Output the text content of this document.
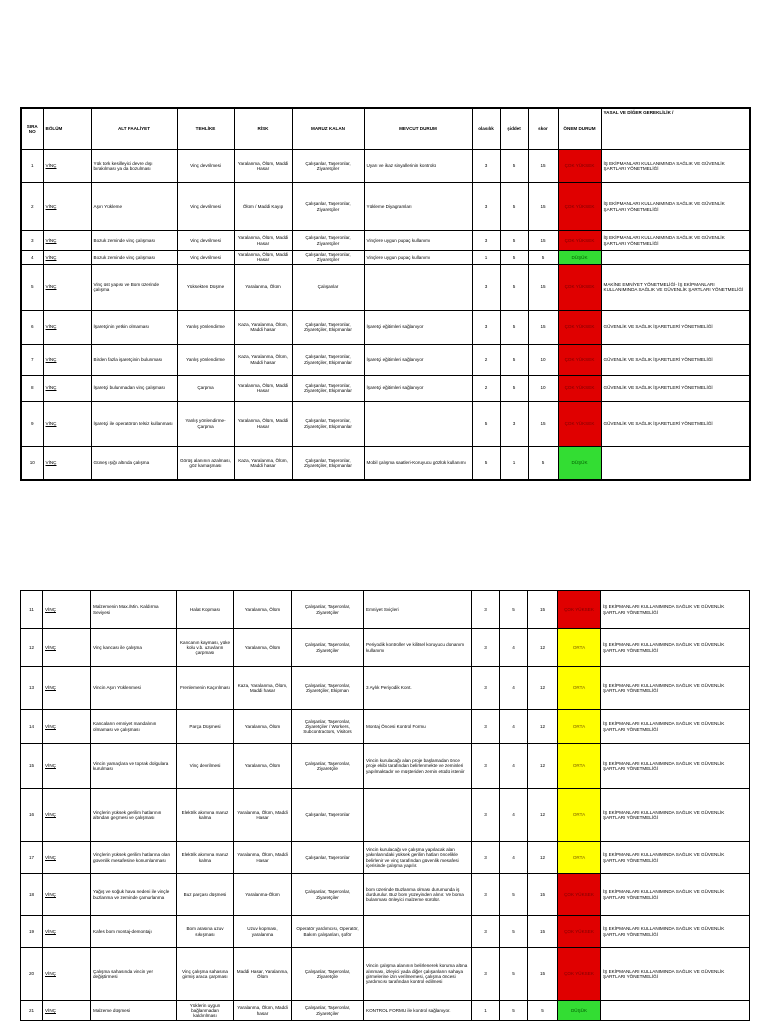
SIRA NO	BÖLÜM	ALT FAALİYET	TEHLİKE	RİSK	MARUZ KALAN	MEVCUT DURUM	olasılık	şiddet	skor	ÖNEM DURUM	YASAL VE DİĞER GEREKLİLİK /
1	VİNÇ	Yük tork kesilleyici devre dışı bırakılması ya da bozulması	Vinç devrilmesi	Yaralanma, Ölüm, Maddi Hasar	Çalışanlar, Taşeronlar, Ziyaretçiler	Uyarı ve ikaz sinyallerinin kontrolü	3	5	15	ÇOK YÜKSEK	İŞ EKİPMANLARI KULLANIMINDA SAĞLIK VE GÜVENLİK ŞARTLARI YÖNETMELİĞİ
2	VİNÇ	Aşırı Yükleme	Vinç devrilmesi	Ölüm / Maddi Kayıp	Çalışanlar, Taşeronlar, Ziyaretçiler	Yükleme Diyagramları	3	5	15	ÇOK YÜKSEK	İŞ EKİPMANLARI KULLANIMINDA SAĞLIK VE GÜVENLİK ŞARTLARI YÖNETMELİĞİ
3	VİNÇ	Bozuk zeminde vinç çalışması	Vinç devrilmesi	Yaralanma, Ölüm, Maddi Hasar	Çalışanlar, Taşeronlar, Ziyaretçiler	Vinçlere uygun pupaç kullanımı	3	5	15	ÇOK YÜKSEK	İŞ EKİPMANLARI KULLANIMINDA SAĞLIK VE GÜVENLİK ŞARTLARI YÖNETMELİĞİ
4	VİNÇ	Bozuk zeminde vinç çalışması	Vinç devrilmesi	Yaralanma, Ölüm, Maddi Hasar	Çalışanlar, Taşeronlar, Ziyaretçiler	Vinçlere uygun pupaç kullanımı	1	5	5	DÜŞÜK	
5	VİNÇ	Vinç üst yapısı ve Bom üzerinde çalışma	Yüksekten Düşme	Yaralanma, Ölüm	Çalışanlar		3	5	15	ÇOK YÜKSEK	MAKİNE EMNİYET YÖNETMELİĞİ- İŞ EKİPMANLARI KULLANIMINDA SAĞLIK VE GÜVENLİK ŞARTLARI YÖNETMELİĞİ
6	VİNÇ	İşaretçinin yetkin olmaması	Yanlış yönlendirme	Kaza, Yaralanma, Ölüm, Maddi hasar	Çalışanlar, Taşeronlar, Ziyaretçiler, Ekipmanlar	İşaretçi eğitimleri sağlanıyor	3	5	15	ÇOK YÜKSEK	GÜVENLİK VE SAĞLIK İŞARETLERİ YÖNETMELİĞİ
7	VİNÇ	Birden fazla işaretçinin bulunması	Yanlış yönlendirme	Kaza, Yaralanma, Ölüm, Maddi hasar	Çalışanlar, Taşeronlar, Ziyaretçiler, Ekipmanlar	İşaretçi eğitimleri sağlanıyor	2	5	10	ÇOK YÜKSEK	GÜVENLİK VE SAĞLIK İŞARETLERİ YÖNETMELİĞİ
8	VİNÇ	İşaretçi bulunmadan vinç çalışması	Çarpma	Yaralanma, Ölüm, Maddi Hasar	Çalışanlar, Taşeronlar, Ziyaretçiler, Ekipmanlar	İşaretçi eğitimleri sağlanıyor	2	5	10	ÇOK YÜKSEK	GÜVENLİK VE SAĞLIK İŞARETLERİ YÖNETMELİĞİ
9	VİNÇ	İşaretçi ile operatörün telsiz kullanması	Yanlış yönlendirme- Çarpma	Yaralanma, Ölüm, Maddi Hasar	Çalışanlar, Taşeronlar, Ziyaretçiler, Ekipmanlar		5	3	15	ÇOK YÜKSEK	GÜVENLİK VE SAĞLIK İŞARETLERİ YÖNETMELİĞİ
10	VİNÇ	Güneş ışığı altında çalışma	Görüş alanının azalması, göz kamaşması	Kaza, Yaralanma, Ölüm, Maddi hasar	Çalışanlar, Taşeronlar, Ziyaretçiler, Ekipmanlar	Mobil çalışma saatleri-Koruyucu gözlük kullanımı	5	1	5	DÜŞÜK	
11	VİNÇ	Malzemenin Max./Min. Kaldırma Seviyesi	Halat Kopması	Yaralanma, Ölüm	Çalışanlar, Taşeronlar, Ziyaretçiler	Emniyet Sviçleri	3	5	15	ÇOK YÜKSEK	İŞ EKİPMANLARI KULLANIMINDA SAĞLIK VE GÜVENLİK ŞARTLARI YÖNETMELİĞİ
12	VİNÇ	Vinç kancası ile çalışma	Kancanın kayması, yüke kolu v.b. uzuvların çarpması	Yaralanma, Ölüm	Çalışanlar, Taşeronlar, Ziyaretçiler	Periyodik kontroller ve kilitsel koruyucu donanım kullanımı	3	4	12	ORTA	İŞ EKİPMANLARI KULLANIMINDA SAĞLIK VE GÜVENLİK ŞARTLARI YÖNETMELİĞİ
13	VİNÇ	Vincin Aşırı Yüklenmesi	Frenlemenin Kaçırılması	Kaza, Yaralanma, Ölüm, Maddi hasar	Çalışanlar, Taşeronlar, Ziyaretçiler, Ekipman	3 Aylık Periyodik Kont.	3	4	12	ORTA	İŞ EKİPMANLARI KULLANIMINDA SAĞLIK VE GÜVENLİK ŞARTLARI YÖNETMELİĞİ
14	VİNÇ	Kancaların emniyet mandalının olmaması ve çalışması	Parça Düşmesi	Yaralanma, Ölüm	Çalışanlar, Taşeronlar, Ziyaretçiler / Workers, Subcontractors, Visitors	Montaj Öncesi Kontrol Formu	3	4	12	ORTA	İŞ EKİPMANLARI KULLANIMINDA SAĞLIK VE GÜVENLİK ŞARTLARI YÖNETMELİĞİ
15	VİNÇ	Vincin yamaçlara ve toprak dolgulara kurulması	Vinç devrilmesi	Yaralanma, Ölüm	Çalışanlar, Taşeronlar, Ziyaretçile	Vincin kurulacağı alan proje başlamadan önce proje ekibi tarafından belirlenmekte ve zeminleri yapılmaktadır ve müşteriden zemin etüdü isteniir	3	4	12	ORTA	İŞ EKİPMANLARI KULLANIMINDA SAĞLIK VE GÜVENLİK ŞARTLARI YÖNETMELİĞİ
16	VİNÇ	Vinçlerin yüksek gerilim hatlarının altından geçmesi ve çalışması	Elektrik akımına maruz kalma	Yaralanma, Ölüm, Maddi Hasar	Çalışanlar, Taşeronlar		3	4	12	ORTA	İŞ EKİPMANLARI KULLANIMINDA SAĞLIK VE GÜVENLİK ŞARTLARI YÖNETMELİĞİ
17	VİNÇ	Vinçlerin yüksek gerilim hatlarına olan güvenlik mesafesine konumlanması	Elektrik akımına maruz kalma	Yaralanma, Ölüm, Maddi Hasar	Çalışanlar, Taşeronlar	Vincin kurulacağı ve çalışma yapılacak alan yakınlarındaki yüksek gerilim hatları öncelikle belirlenir ve vinç tarafından güvenlik mesafesi içerisinde çalışma yapılır.	3	4	12	ORTA	İŞ EKİPMANLARI KULLANIMINDA SAĞLIK VE GÜVENLİK ŞARTLARI YÖNETMELİĞİ
18	VİNÇ	Yağış ve soğuk hava nedeni ile vinçle buzlanma ve zeminde çamurlanma	Buz parçası düşmesi	Yaralanma-Ölüm	Çalışanlar, Taşeronlar, Ziyaretçiler	bom üzerinde Buzlanma olması durumunda iş durdurulur. Buz bom yüzeyinden alınır. Ve boma bulanması önleyici malzeme sürülür.	3	5	15	ÇOK YÜKSEK	İŞ EKİPMANLARI KULLANIMINDA SAĞLIK VE GÜVENLİK ŞARTLARI YÖNETMELİĞİ
19	VİNÇ	Kafes bom montaj-demontajı	Bom arasına uzuv sıkışması	Uzuv kopması, yaralanma	Operatör yardımcısı, Operatör, Bakım çalışanları, şoför		3	5	15	ÇOK YÜKSEK	İŞ EKİPMANLARI KULLANIMINDA SAĞLIK VE GÜVENLİK ŞARTLARI YÖNETMELİĞİ
20	VİNÇ	Çalışma sahasında vincin yer değiştirmesi	Vinç çalışma sahasına girmiş araca çarpması	Maddi Hasar, Yaralanma, Ölüm	Çalışanlar, Taşeronlar, Ziyaretçile	Vincin çalışma alanının belirlenerek koruma altına alınması, izleyici yada diğer çalışanların sahaya girmelerine izin verilmemesi, çalışma öncesi yardımcısı tarafından kontrol edilmesi	3	5	15	ÇOK YÜKSEK	İŞ EKİPMANLARI KULLANIMINDA SAĞLIK VE GÜVENLİK ŞARTLARI YÖNETMELİĞİ
21	VİNÇ	Malzeme düşmesi	Yüklerin uygun bağlanmadan kaldırılması	Yaralanma, Ölüm, Maddi hasar	Çalışanlar, Taşeronlar, Ziyaretçiler	KONTROL FORMU ile kontrol sağlanıyor.	1	5	5	DÜŞÜK	
